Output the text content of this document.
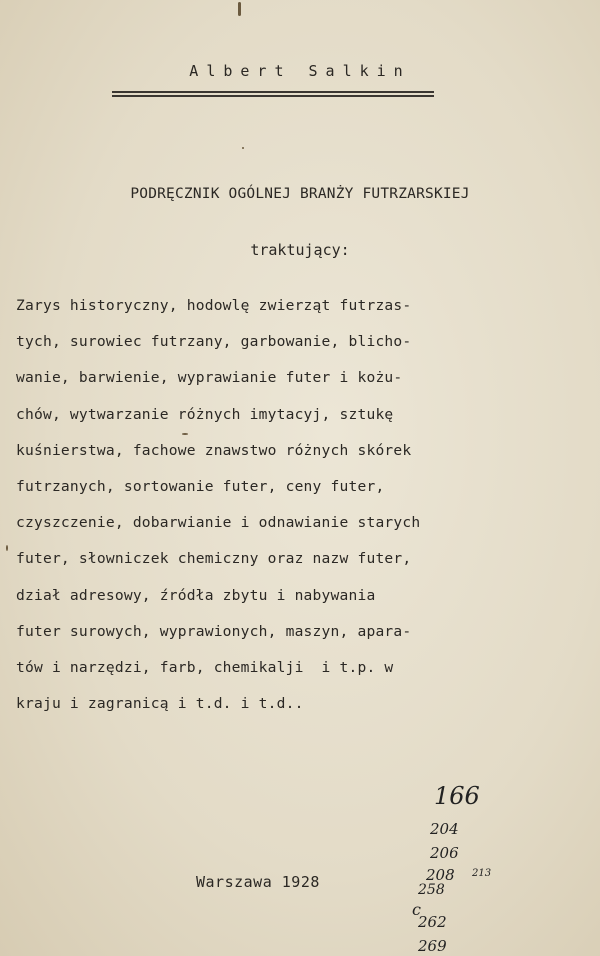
Albert Salkin
PODRĘCZNIK OGÓLNEJ BRANŻY FUTRZARSKIEJ
traktujący:
Zarys historyczny, hodowlę zwierząt futrzas-
tych, surowiec futrzany, garbowanie, blicho-
wanie, barwienie, wyprawianie futer i kożu-
chów, wytwarzanie różnych imytacyj, sztukę
kuśnierstwa, fachowe znawstwo różnych skórek
futrzanych, sortowanie futer, ceny futer,
czyszczenie, dobarwianie i odnawianie starych
futer, słowniczek chemiczny oraz nazw futer,
dział adresowy, źródła zbytu i nabywania
futer surowych, wyprawionych, maszyn, apara-
tów i narzędzi, farb, chemikalji  i t.p. w
kraju i zagranicą i t.d. i t.d..
Warszawa 1928
166
204
206
208 213
258
c
262
269
